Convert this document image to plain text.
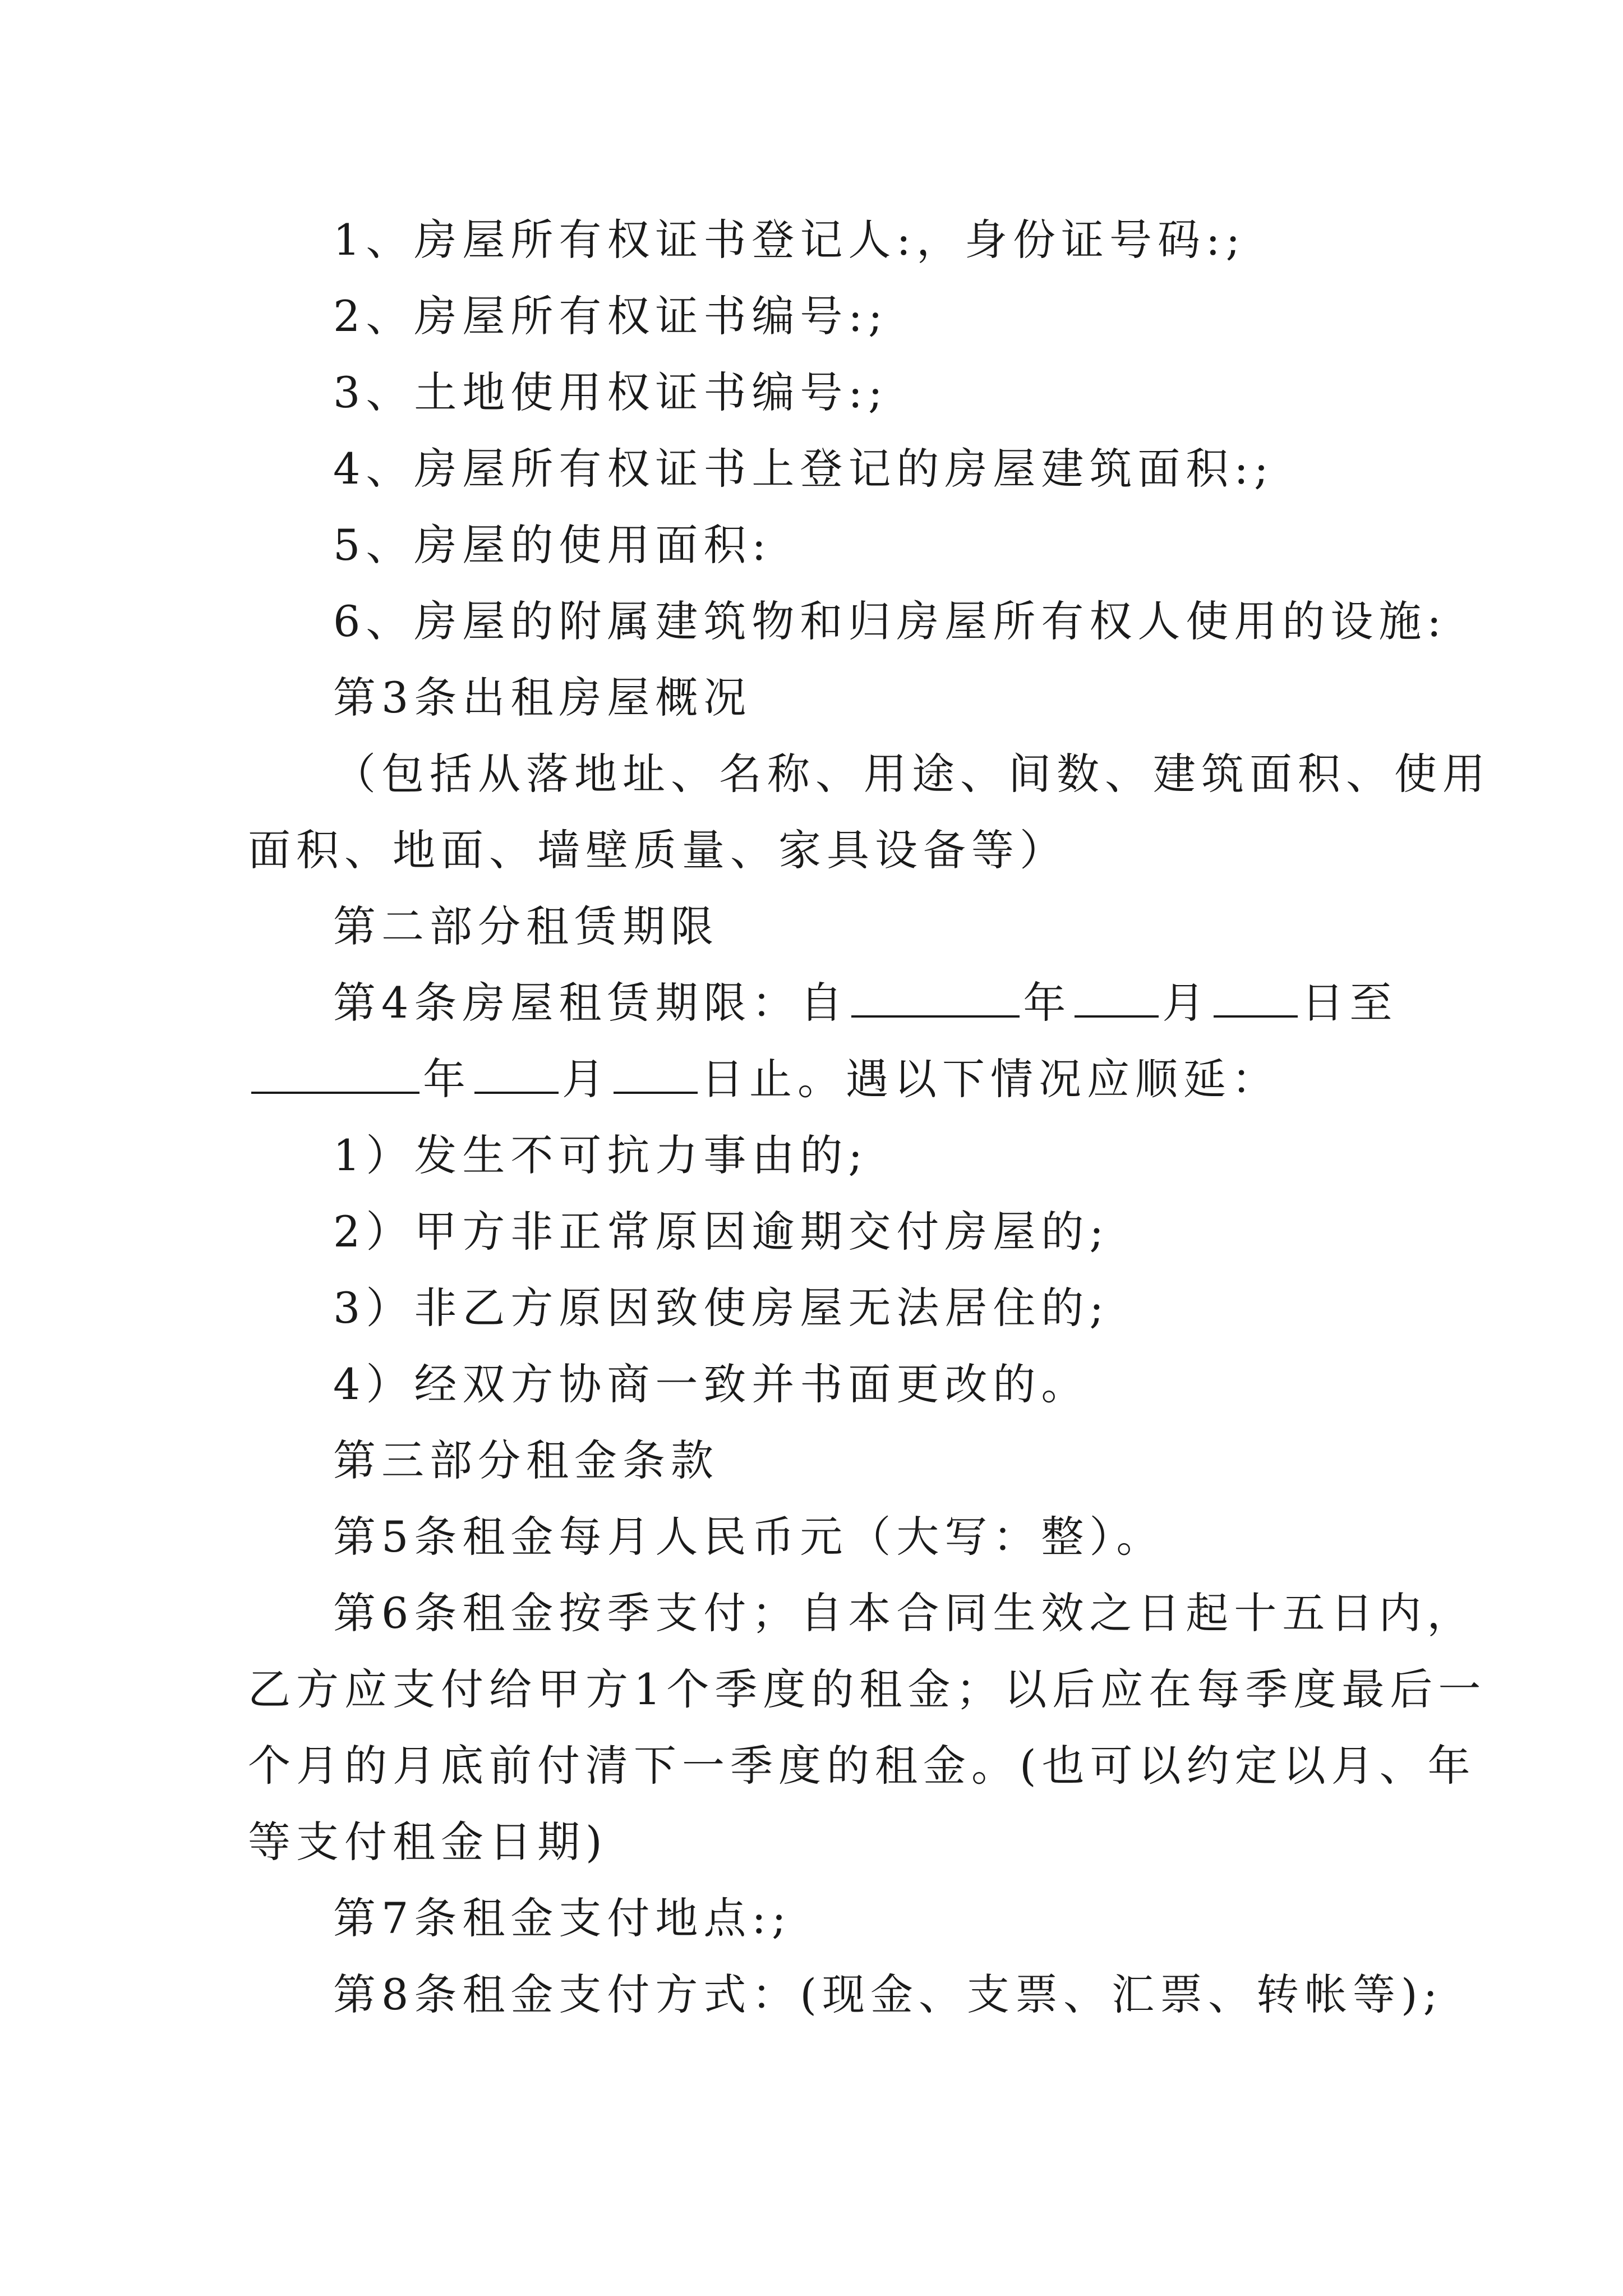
1、房屋所有权证书登记人:，身份证号码:;
2、房屋所有权证书编号:;
3、土地使用权证书编号:;
4、房屋所有权证书上登记的房屋建筑面积:;
5、房屋的使用面积:
6、房屋的附属建筑物和归房屋所有权人使用的设施:
第3条出租房屋概况
（包括从落地址、名称、用途、间数、建筑面积、使用
面积、地面、墙壁质量、家具设备等）
第二部分租赁期限
第4条房屋租赁期限：自	年 月 日至
年 月 日止。遇以下情况应顺延：
1）发生不可抗力事由的;
2）甲方非正常原因逾期交付房屋的;
3）非乙方原因致使房屋无法居住的;
4）经双方协商一致并书面更改的。
第三部分租金条款
第5条租金每月人民币元（大写：整）。
第6条租金按季支付；自本合同生效之日起十五日内，
乙方应支付给甲方1个季度的租金；以后应在每季度最后一
个月的月底前付清下一季度的租金。(也可以约定以月、年
等支付租金日期)
第7条租金支付地点:;
第8条租金支付方式：(现金、支票、汇票、转帐等);
